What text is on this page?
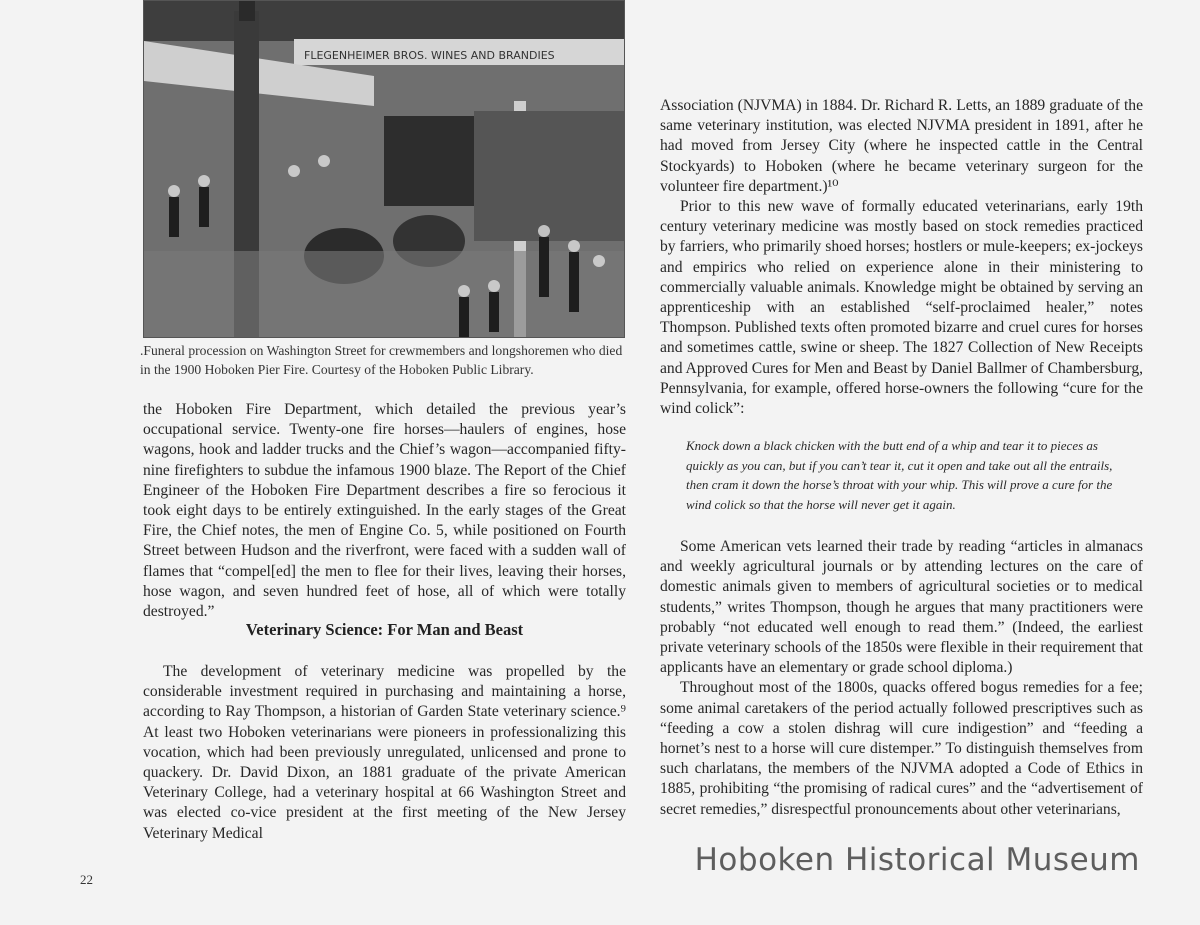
FLEGENHEIMER BROS. WINES AND BRANDIES
.Funeral procession on Washington Street for crewmembers and longshoremen who died in the 1900 Hoboken Pier Fire. Courtesy of the Hoboken Public Library.

the Hoboken Fire Department, which detailed the previous year’s occupational service. Twenty-one fire horses—haulers of engines, hose wagons, hook and ladder trucks and the Chief’s wagon—accompanied fifty-nine firefighters to subdue the infamous 1900 blaze. The Report of the Chief Engineer of the Hoboken Fire Department describes a fire so ferocious it took eight days to be entirely extinguished. In the early stages of the Great Fire, the Chief notes, the men of Engine Co. 5, while positioned on Fourth Street between Hudson and the riverfront, were faced with a sudden wall of flames that “compel[ed] the men to flee for their lives, leaving their horses, hose wagon, and seven hundred feet of hose, all of which were totally destroyed.”

Veterinary Science: For Man and Beast

The development of veterinary medicine was propelled by the considerable investment required in purchasing and maintaining a horse, according to Ray Thompson, a historian of Garden State veterinary science.⁹ At least two Hoboken veterinarians were pioneers in professionalizing this vocation, which had been previously unregulated, unlicensed and prone to quackery. Dr. David Dixon, an 1881 graduate of the private American Veterinary College, had a veterinary hospital at 66 Washington Street and was elected co-vice president at the first meeting of the New Jersey Veterinary Medical

Association (NJVMA) in 1884. Dr. Richard R. Letts, an 1889 graduate of the same veterinary institution, was elected NJVMA president in 1891, after he had moved from Jersey City (where he inspected cattle in the Central Stockyards) to Hoboken (where he became veterinary surgeon for the volunteer fire department.)¹⁰

Prior to this new wave of formally educated veterinarians, early 19th century veterinary medicine was mostly based on stock remedies practiced by farriers, who primarily shoed horses; hostlers or mule-keepers; ex-jockeys and empirics who relied on experience alone in their ministering to commercially valuable animals. Knowledge might be obtained by serving an apprenticeship with an established “self-proclaimed healer,” notes Thompson. Published texts often promoted bizarre and cruel cures for horses and sometimes cattle, swine or sheep. The 1827 Collection of New Receipts and Approved Cures for Men and Beast by Daniel Ballmer of Chambersburg, Pennsylvania, for example, offered horse-owners the following “cure for the wind colick”:

Knock down a black chicken with the butt end of a whip and tear it to pieces as quickly as you can, but if you can’t tear it, cut it open and take out all the entrails, then cram it down the horse’s throat with your whip. This will prove a cure for the wind colick so that the horse will never get it again.

Some American vets learned their trade by reading “articles in almanacs and weekly agricultural journals or by attending lectures on the care of domestic animals given to members of agricultural societies or to medical students,” writes Thompson, though he argues that many practitioners were probably “not educated well enough to read them.” (Indeed, the earliest private veterinary schools of the 1850s were flexible in their requirement that applicants have an elementary or grade school diploma.)

Throughout most of the 1800s, quacks offered bogus remedies for a fee; some animal caretakers of the period actually followed prescriptives such as “feeding a cow a stolen dishrag will cure indigestion” and “feeding a hornet’s nest to a horse will cure distemper.” To distinguish themselves from such charlatans, the members of the NJVMA adopted a Code of Ethics in 1885, prohibiting “the promising of radical cures” and the “advertisement of secret remedies,” disrespectful pronouncements about other veterinarians,

22
Hoboken Historical Museum
